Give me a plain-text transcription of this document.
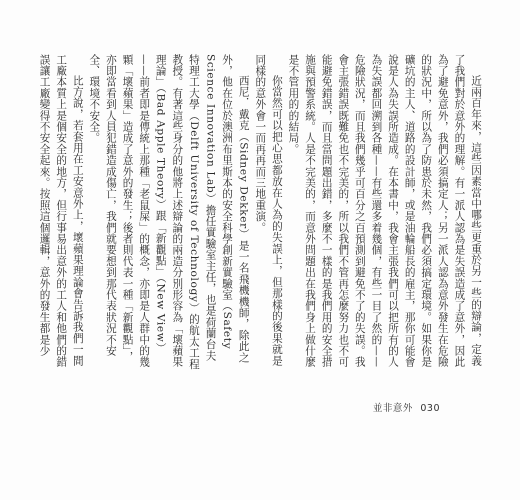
近兩百年來，這些因素當中哪些更重於另一些的辯論，定義了我們對於意外的理解。有一派人認為是失誤造成了意外，因此為了避免意外，我們必須搞定人；另一派人認為意外發生在危險的狀況中，所以為了防患於未然，我們必須搞定環境。如果你是礦坑的主人、道路的設計師，或是油輪船長的雇主，那你可能會說是人為失誤所造成。在本書中，我會主張我們可以把所有的人為失誤都回溯到各種——有些還多着幾個，有些一目了然的——危險狀況，而且我們幾乎可百分之百預測到避免不了的失誤。我會主張錯誤既難免也不完美的，所以我們不管再怎麼努力也不可能避免錯誤，而且當問題出錯，多麼不一樣的是我們用的安全措施與預警系統。人是不完美的，而意外問題出在我們身上做什麼是不管用的的結局。

你當然可以把心思都放在人為的失誤上，但那樣的後果就是同樣的意外會一而再再而三地重演。

西尼．戴克（Sidney Dekker）是一名飛機機師，除此之外，他在位於澳洲布里斯本的安全科學創新實驗室（Safety Science Innovation Lab）擔任實驗室主任，也是荷蘭台夫特理工大學（Delft University of Technology）的航太工程教授。有著這些身分的他將上述辯論的兩造分別形容為「壞蘋果理論」（Bad Apple Theory）跟「新觀點」（New View）——前者即是傳統上那種「老鼠屎」的概念，亦即是人群中的幾顆「壞蘋果」造成了意外的發生；後者則代表一種「新觀點」，亦即當看到人員犯錯造成傷亡，我們就要想到那代表狀況不安全、環境不安全。

比方說，若套用在工安意外上，壞蘋果理論會告訴我們一間工廠本質上是個安全的地方，但行事易出意外的工人和他們的錯誤讓工廠變得不安全起來。按照這個邏輯，意外的發生都是少

並非意外 030
